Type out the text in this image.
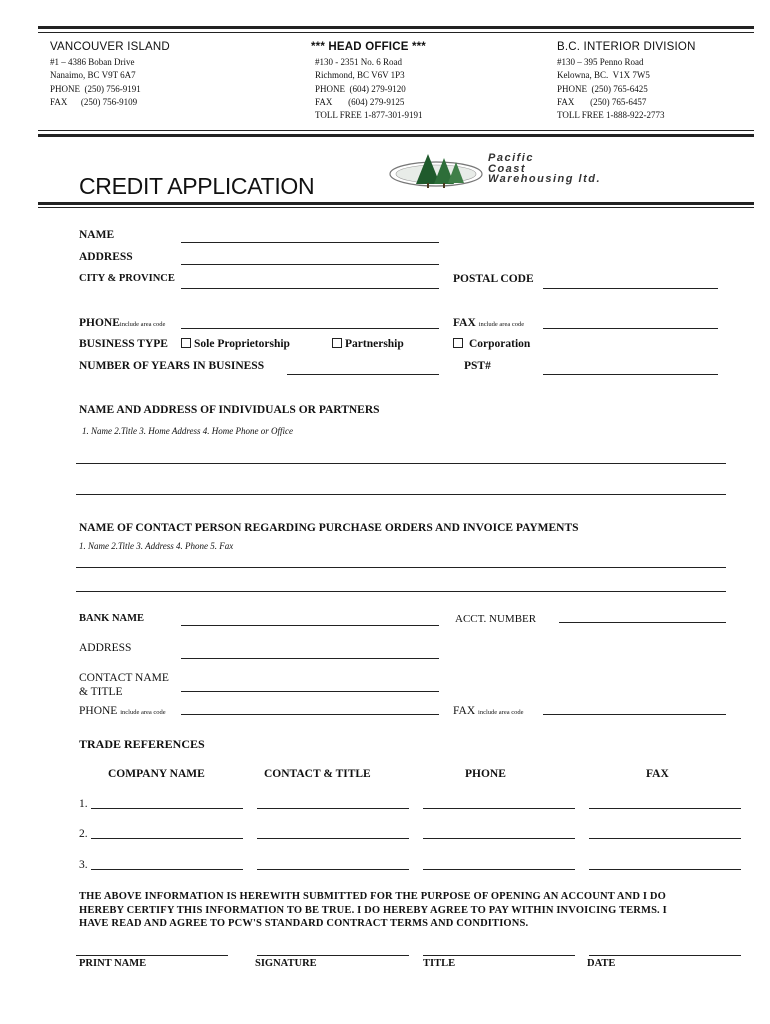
VANCOUVER ISLAND
#1 – 4386 Boban Drive
Nanaimo, BC V9T 6A7
PHONE  (250) 756-9191
FAX      (250) 756-9109
*** HEAD OFFICE ***
#130 - 2351 No. 6 Road
Richmond, BC V6V 1P3
PHONE  (604) 279-9120
FAX       (604) 279-9125
TOLL FREE 1-877-301-9191
B.C. INTERIOR DIVISION
#130 – 395 Penno Road
Kelowna, BC.  V1X 7W5
PHONE  (250) 765-6425
FAX       (250) 765-6457
TOLL FREE 1-888-922-2773
Pacific
Coast
Warehousing ltd.
CREDIT APPLICATION
NAME
ADDRESS
CITY & PROVINCE	POSTAL CODE
PHONEinclude area code	FAX include area code
BUSINESS TYPE	Sole Proprietorship	Partnership	Corporation
NUMBER OF YEARS IN BUSINESS	PST#
NAME AND ADDRESS OF INDIVIDUALS OR PARTNERS
1. Name 2.Title 3. Home Address 4. Home Phone or Office
NAME OF CONTACT PERSON REGARDING PURCHASE ORDERS AND INVOICE PAYMENTS
1. Name 2.Title 3. Address 4. Phone 5. Fax
BANK NAME	ACCT. NUMBER
ADDRESS
CONTACT NAME
& TITLE
PHONE include area code	FAX include area code
TRADE REFERENCES
COMPANY NAME	CONTACT & TITLE	PHONE	FAX
1.
2.
3.
THE ABOVE INFORMATION IS HEREWITH SUBMITTED FOR THE PURPOSE OF OPENING AN ACCOUNT AND I DO HEREBY CERTIFY THIS INFORMATION TO BE TRUE. I DO HEREBY AGREE TO PAY WITHIN INVOICING TERMS. I HAVE READ AND AGREE TO PCW'S STANDARD CONTRACT TERMS AND CONDITIONS.
PRINT NAME	SIGNATURE	TITLE	DATE
